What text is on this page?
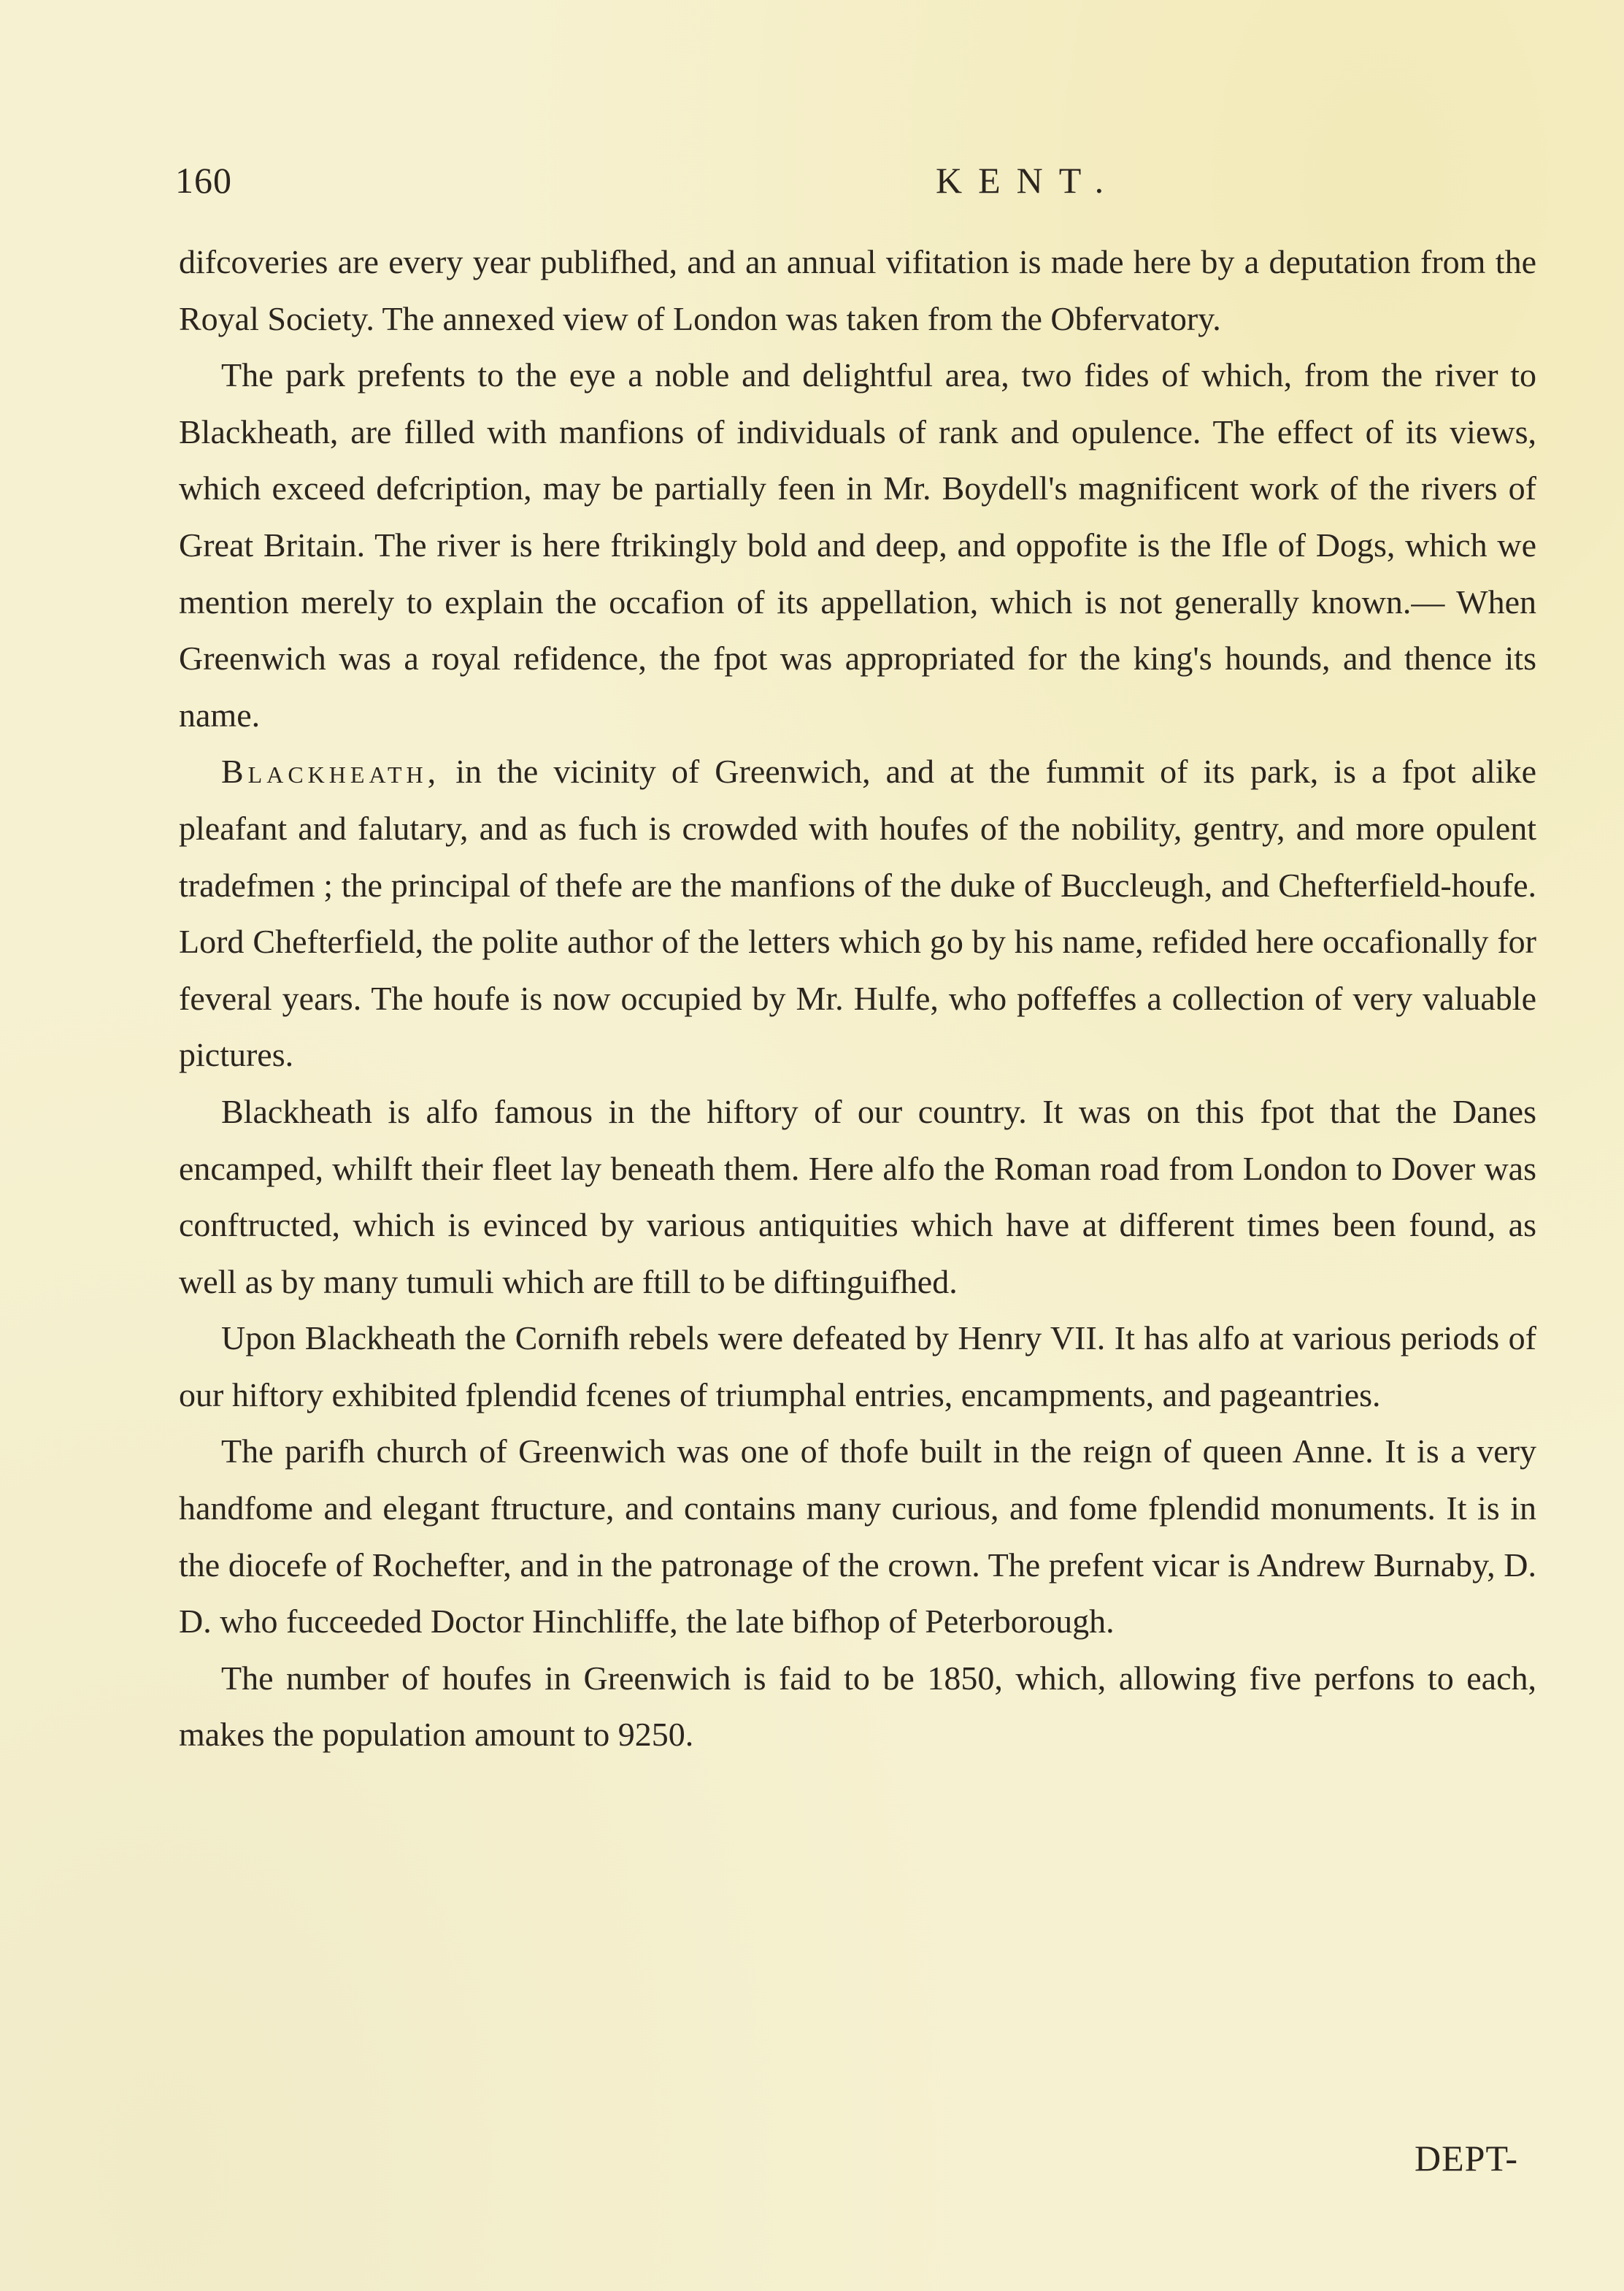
160	KENT.

difcoveries are every year publifhed, and an annual vifitation is made here by a deputation from the Royal Society. The annexed view of London was taken from the Obfervatory.

The park prefents to the eye a noble and delightful area, two fides of which, from the river to Blackheath, are filled with manfions of individuals of rank and opulence. The effect of its views, which exceed defcription, may be partially feen in Mr. Boydell's magnificent work of the rivers of Great Britain. The river is here ftrikingly bold and deep, and oppofite is the Ifle of Dogs, which we mention merely to explain the occafion of its appellation, which is not generally known.— When Greenwich was a royal refidence, the fpot was appropriated for the king's hounds, and thence its name.

Blackheath, in the vicinity of Greenwich, and at the fummit of its park, is a fpot alike pleafant and falutary, and as fuch is crowded with houfes of the nobility, gentry, and more opulent tradefmen ; the principal of thefe are the manfions of the duke of Buccleugh, and Chefterfield-houfe. Lord Chefterfield, the polite author of the letters which go by his name, refided here occafionally for feveral years. The houfe is now occupied by Mr. Hulfe, who poffeffes a collection of very valuable pictures.

Blackheath is alfo famous in the hiftory of our country. It was on this fpot that the Danes encamped, whilft their fleet lay beneath them. Here alfo the Roman road from London to Dover was conftructed, which is evinced by various antiquities which have at different times been found, as well as by many tumuli which are ftill to be diftinguifhed.

Upon Blackheath the Cornifh rebels were defeated by Henry VII. It has alfo at various periods of our hiftory exhibited fplendid fcenes of triumphal entries, encampments, and pageantries.

The parifh church of Greenwich was one of thofe built in the reign of queen Anne. It is a very handfome and elegant ftructure, and contains many curious, and fome fplendid monuments. It is in the diocefe of Rochefter, and in the patronage of the crown. The prefent vicar is Andrew Burnaby, D. D. who fucceeded Doctor Hinchliffe, the late bifhop of Peterborough.

The number of houfes in Greenwich is faid to be 1850, which, allowing five perfons to each, makes the population amount to 9250.

DEPT-
